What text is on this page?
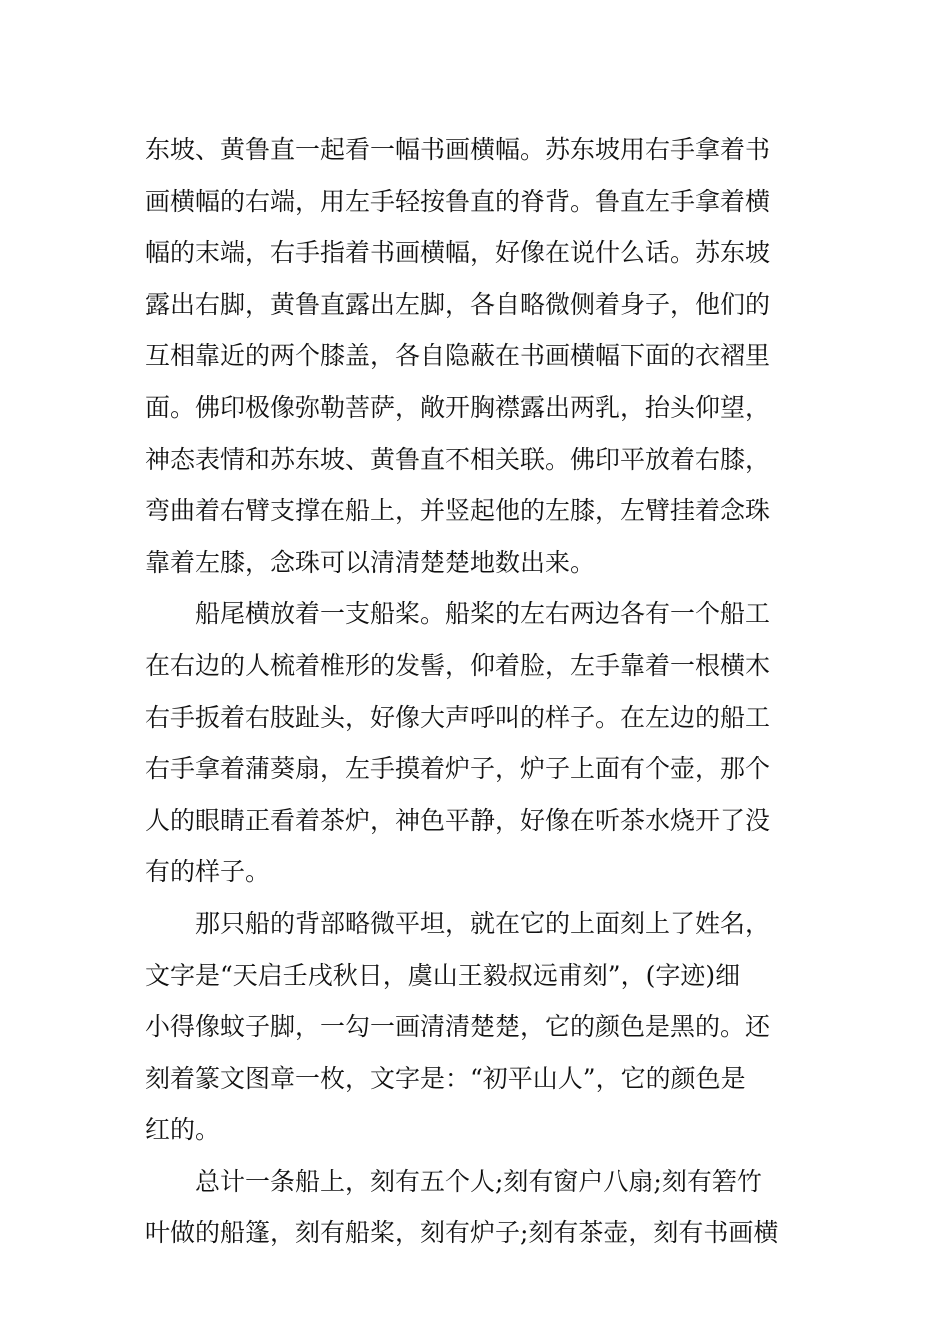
东坡、黄鲁直一起看一幅书画横幅。苏东坡用右手拿着书
画横幅的右端，用左手轻按鲁直的脊背。鲁直左手拿着横
幅的末端，右手指着书画横幅，好像在说什么话。苏东坡
露出右脚，黄鲁直露出左脚，各自略微侧着身子，他们的
互相靠近的两个膝盖，各自隐蔽在书画横幅下面的衣褶里
面。佛印极像弥勒菩萨，敞开胸襟露出两乳，抬头仰望，
神态表情和苏东坡、黄鲁直不相关联。佛印平放着右膝，
弯曲着右臂支撑在船上，并竖起他的左膝，左臂挂着念珠
靠着左膝，念珠可以清清楚楚地数出来。
　　船尾横放着一支船桨。船桨的左右两边各有一个船工
在右边的人梳着椎形的发髻，仰着脸，左手靠着一根横木
右手扳着右肢趾头，好像大声呼叫的样子。在左边的船工
右手拿着蒲葵扇，左手摸着炉子，炉子上面有个壶，那个
人的眼睛正看着茶炉，神色平静，好像在听茶水烧开了没
有的样子。
　　那只船的背部略微平坦，就在它的上面刻上了姓名，
文字是“天启壬戌秋日，虞山王毅叔远甫刻”，(字迹)细
小得像蚊子脚，一勾一画清清楚楚，它的颜色是黑的。还
刻着篆文图章一枚，文字是：“初平山人”，它的颜色是
红的。
　　总计一条船上，刻有五个人;刻有窗户八扇;刻有箬竹
叶做的船篷，刻有船桨，刻有炉子;刻有茶壶，刻有书画横
